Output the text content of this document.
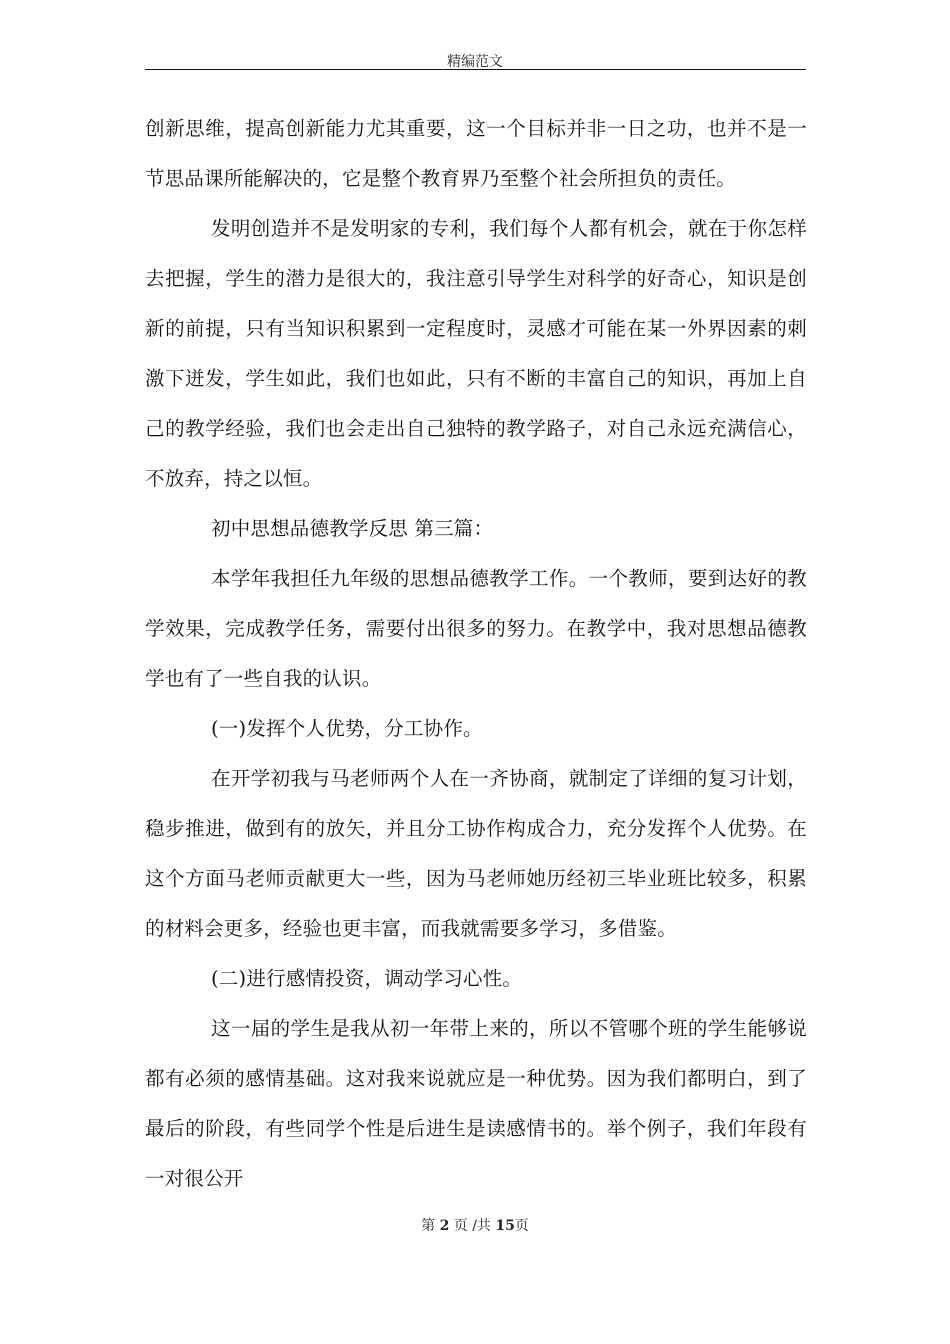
精编范文

创新思维，提高创新能力尤其重要，这一个目标并非一日之功，也并不是一节思品课所能解决的，它是整个教育界乃至整个社会所担负的责任。

发明创造并不是发明家的专利，我们每个人都有机会，就在于你怎样去把握，学生的潜力是很大的，我注意引导学生对科学的好奇心，知识是创新的前提，只有当知识积累到一定程度时，灵感才可能在某一外界因素的刺激下迸发，学生如此，我们也如此，只有不断的丰富自己的知识，再加上自己的教学经验，我们也会走出自己独特的教学路子，对自己永远充满信心，不放弃，持之以恒。

初中思想品德教学反思 第三篇：

本学年我担任九年级的思想品德教学工作。一个教师，要到达好的教学效果，完成教学任务，需要付出很多的努力。在教学中，我对思想品德教学也有了一些自我的认识。

(一)发挥个人优势，分工协作。

在开学初我与马老师两个人在一齐协商，就制定了详细的复习计划，稳步推进，做到有的放矢，并且分工协作构成合力，充分发挥个人优势。在这个方面马老师贡献更大一些，因为马老师她历经初三毕业班比较多，积累的材料会更多，经验也更丰富，而我就需要多学习，多借鉴。

(二)进行感情投资，调动学习心性。

这一届的学生是我从初一年带上来的，所以不管哪个班的学生能够说都有必须的感情基础。这对我来说就应是一种优势。因为我们都明白，到了最后的阶段，有些同学个性是后进生是读感情书的。举个例子，我们年段有一对很公开

第 2 页 /共 15页
